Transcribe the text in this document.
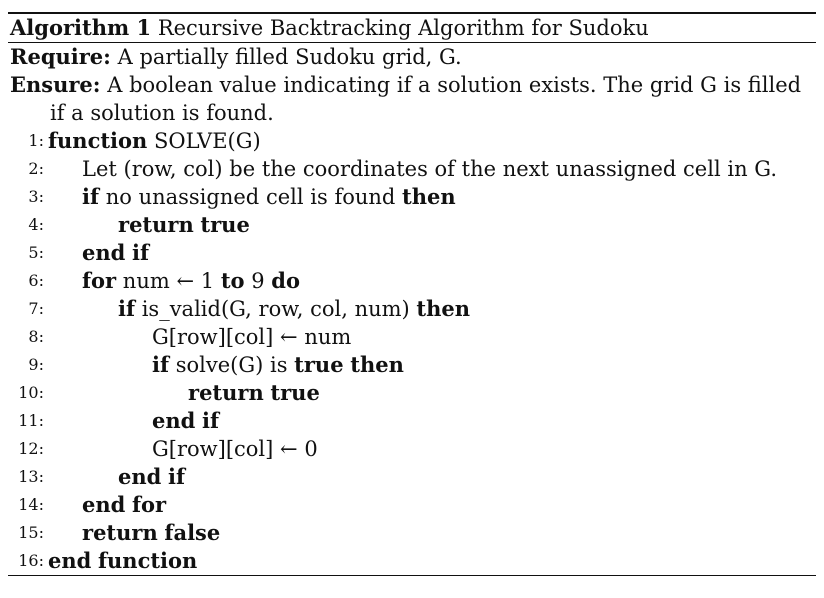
Algorithm 1 Recursive Backtracking Algorithm for Sudoku
Require: A partially filled Sudoku grid, G.
Ensure: A boolean value indicating if a solution exists. The grid G is filled if a solution is found.
1: function SOLVE(G)
2: Let (row, col) be the coordinates of the next unassigned cell in G.
3: if no unassigned cell is found then
4:	return true
5: end if
6: for num ← 1 to 9 do
7:	if is_valid(G, row, col, num) then
8:	G[row][col] ← num
9:	if solve(G) is true then
10:	return true
11:	end if
12:	G[row][col] ← 0
13:	end if
14: end for
15: return false
16: end function
